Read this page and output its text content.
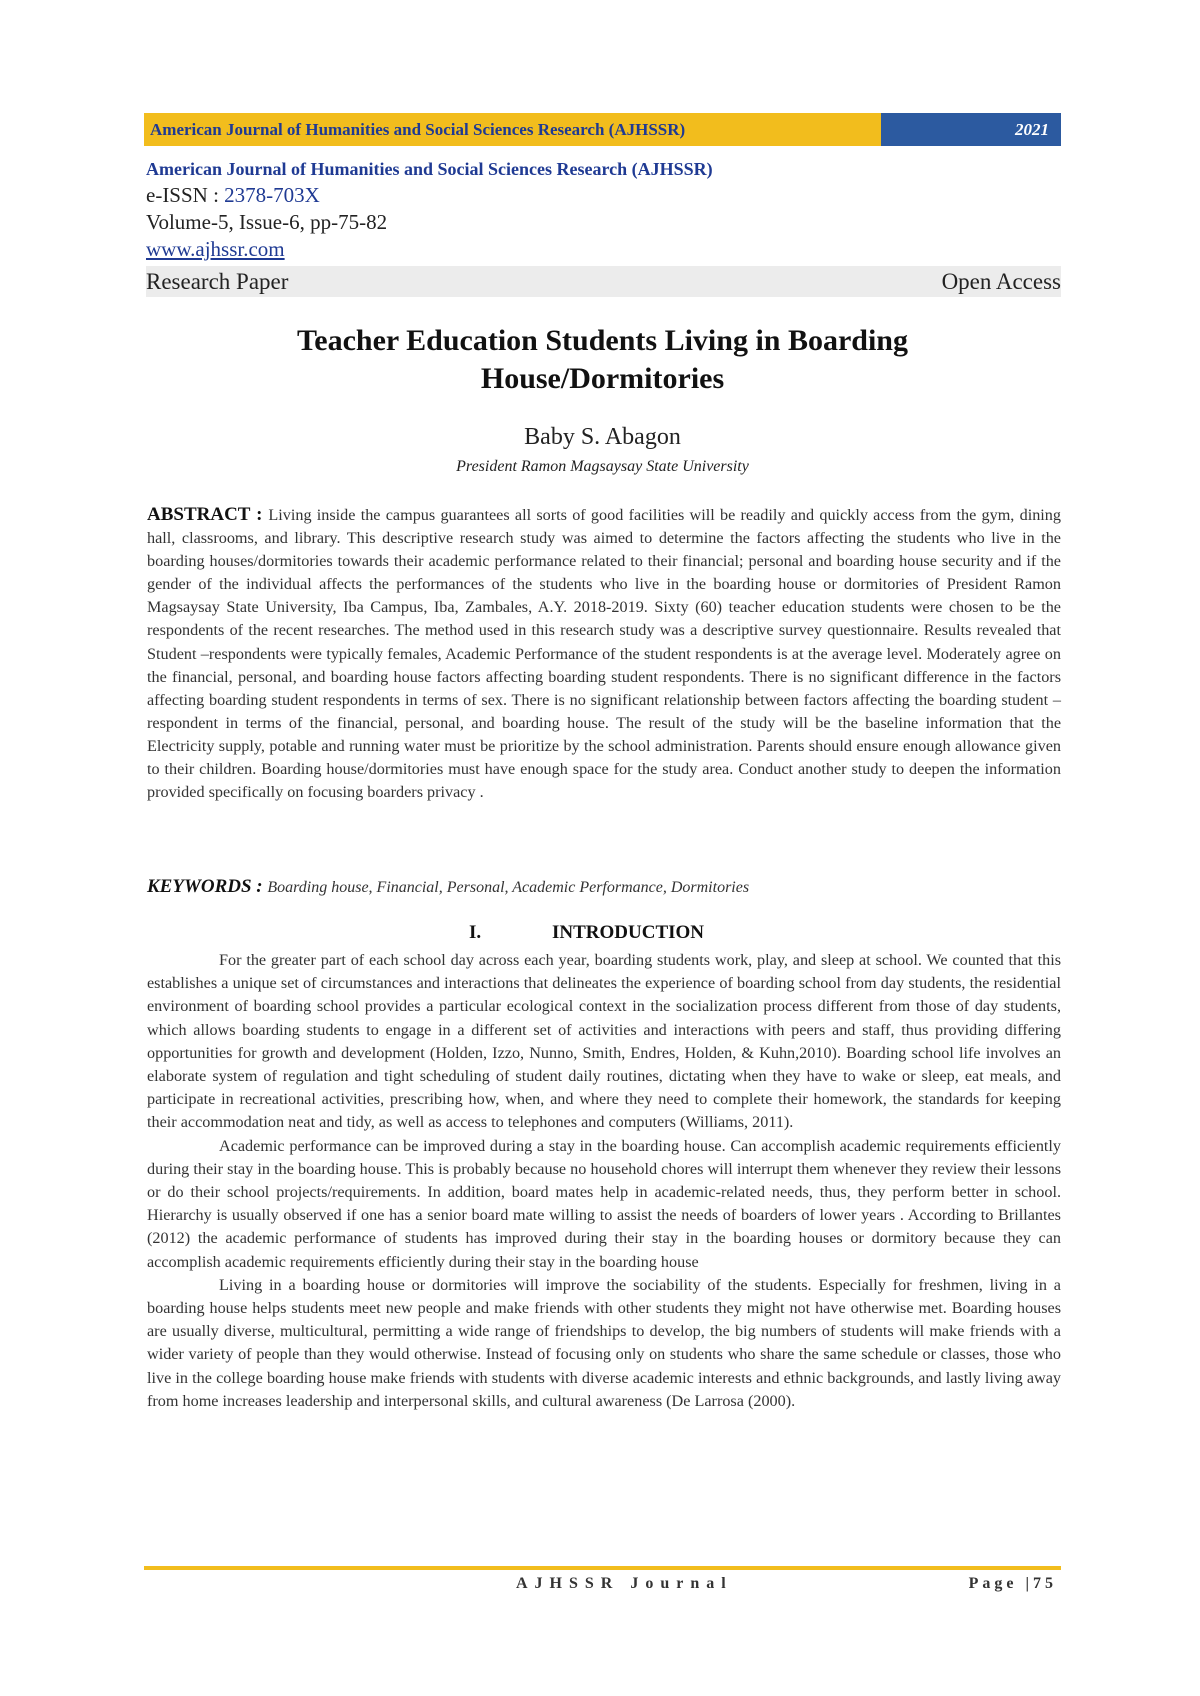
American Journal of Humanities and Social Sciences Research (AJHSSR)	2021
American Journal of Humanities and Social Sciences Research (AJHSSR)
e-ISSN : 2378-703X
Volume-5, Issue-6, pp-75-82
www.ajhssr.com
Research Paper	Open Access
Teacher Education Students Living in Boarding
House/Dormitories
Baby S. Abagon
President Ramon Magsaysay State University
ABSTRACT : Living inside the campus guarantees all sorts of good facilities will be readily and quickly access from the gym, dining hall, classrooms, and library. This descriptive research study was aimed to determine the factors affecting the students who live in the boarding houses/dormitories towards their academic performance related to their financial; personal and boarding house security and if the gender of the individual affects the performances of the students who live in the boarding house or dormitories of President Ramon Magsaysay State University, Iba Campus, Iba, Zambales, A.Y. 2018-2019. Sixty (60) teacher education students were chosen to be the respondents of the recent researches. The method used in this research study was a descriptive survey questionnaire. Results revealed that Student –respondents were typically females, Academic Performance of the student respondents is at the average level. Moderately agree on the financial, personal, and boarding house factors affecting boarding student respondents. There is no significant difference in the factors affecting boarding student respondents in terms of sex. There is no significant relationship between factors affecting the boarding student – respondent in terms of the financial, personal, and boarding house. The result of the study will be the baseline information that the Electricity supply, potable and running water must be prioritize by the school administration. Parents should ensure enough allowance given to their children. Boarding house/dormitories must have enough space for the study area. Conduct another study to deepen the information provided specifically on focusing boarders privacy .
KEYWORDS : Boarding house, Financial, Personal, Academic Performance, Dormitories
I.	INTRODUCTION

For the greater part of each school day across each year, boarding students work, play, and sleep at school. We counted that this establishes a unique set of circumstances and interactions that delineates the experience of boarding school from day students, the residential environment of boarding school provides a particular ecological context in the socialization process different from those of day students, which allows boarding students to engage in a different set of activities and interactions with peers and staff, thus providing differing opportunities for growth and development (Holden, Izzo, Nunno, Smith, Endres, Holden, & Kuhn,2010). Boarding school life involves an elaborate system of regulation and tight scheduling of student daily routines, dictating when they have to wake or sleep, eat meals, and participate in recreational activities, prescribing how, when, and where they need to complete their homework, the standards for keeping their accommodation neat and tidy, as well as access to telephones and computers (Williams, 2011).

Academic performance can be improved during a stay in the boarding house. Can accomplish academic requirements efficiently during their stay in the boarding house. This is probably because no household chores will interrupt them whenever they review their lessons or do their school projects/requirements. In addition, board mates help in academic-related needs, thus, they perform better in school. Hierarchy is usually observed if one has a senior board mate willing to assist the needs of boarders of lower years . According to Brillantes (2012) the academic performance of students has improved during their stay in the boarding houses or dormitory because they can accomplish academic requirements efficiently during their stay in the boarding house

Living in a boarding house or dormitories will improve the sociability of the students. Especially for freshmen, living in a boarding house helps students meet new people and make friends with other students they might not have otherwise met. Boarding houses are usually diverse, multicultural, permitting a wide range of friendships to develop, the big numbers of students will make friends with a wider variety of people than they would otherwise. Instead of focusing only on students who share the same schedule or classes, those who live in the college boarding house make friends with students with diverse academic interests and ethnic backgrounds, and lastly living away from home increases leadership and interpersonal skills, and cultural awareness (De Larrosa (2000).

AJHSSR Journal	Page |75
